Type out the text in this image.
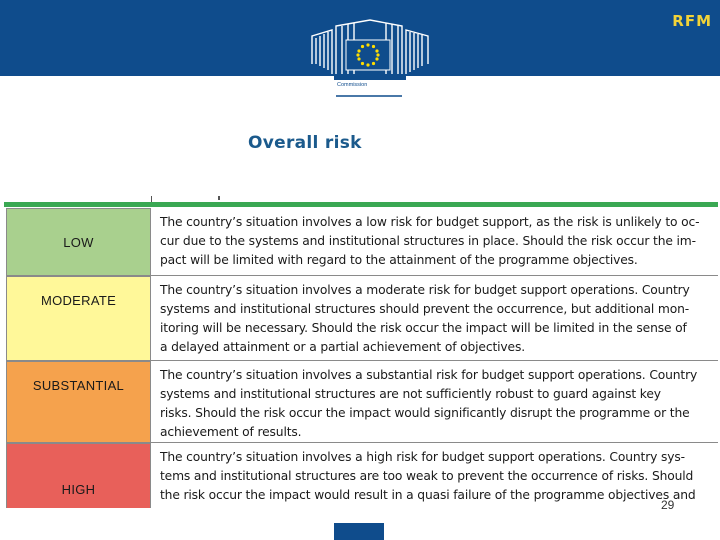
RFM
European
Commission
Overall risk
LOW
The country’s situation involves a low risk for budget support, as the risk is unlikely to oc-
cur due to the systems and institutional structures in place. Should the risk occur the im-
pact will be limited with regard to the attainment of the programme objectives.
MODERATE
The country’s situation involves a moderate risk for budget support operations. Country
systems and institutional structures should prevent the occurrence, but additional mon-
itoring will be necessary. Should the risk occur the impact will be limited in the sense of
a delayed attainment or a partial achievement of objectives.
SUBSTANTIAL
The country’s situation involves a substantial risk for budget support operations. Country
systems and institutional structures are not sufficiently robust to guard against key
risks. Should the risk occur the impact would significantly disrupt the programme or the
achievement of results.
HIGH
The country’s situation involves a high risk for budget support operations. Country sys-
tems and institutional structures are too weak to prevent the occurrence of risks. Should
the risk occur the impact would result in a quasi failure of the programme objectives and
29
